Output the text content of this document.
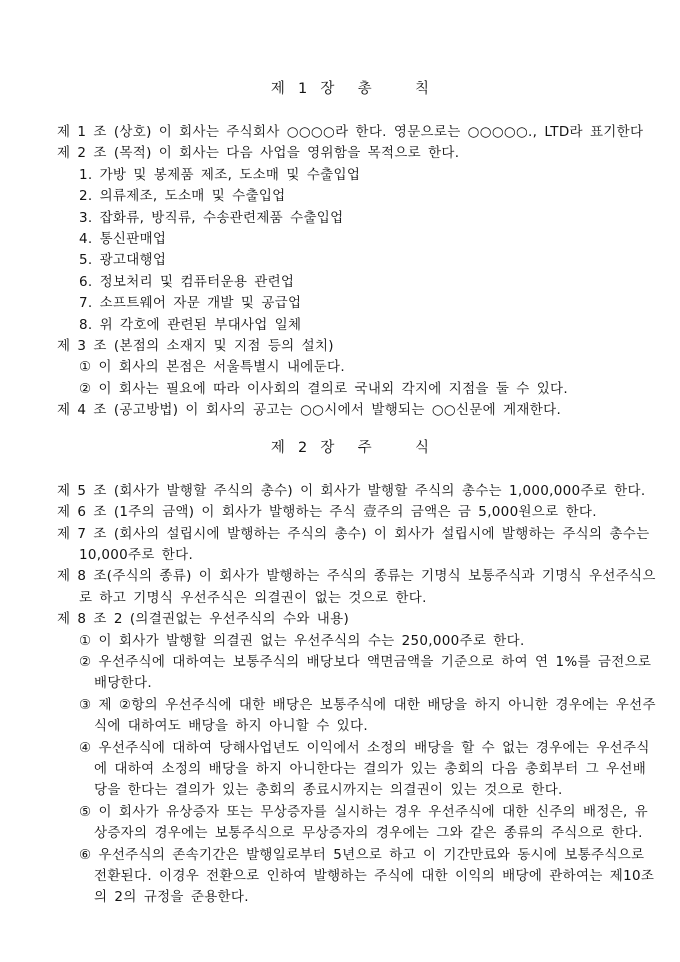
제 1 장  총    칙
제 1 조 (상호) 이 회사는 주식회사 ○○○○라 한다. 영문으로는 ○○○○○., LTD라 표기한다
제 2 조 (목적) 이 회사는 다음 사업을 영위함을 목적으로 한다.
1. 가방 및 봉제품 제조, 도소매 및 수출입업
2. 의류제조, 도소매 및 수출입업
3. 잡화류, 방직류, 수송관련제품 수출입업
4. 통신판매업
5. 광고대행업
6. 정보처리 및 컴퓨터운용 관련업
7. 소프트웨어 자문 개발 및 공급업
8. 위 각호에 관련된 부대사업 일체
제 3 조 (본점의 소재지 및 지점 등의 설치)
① 이 회사의 본점은 서울특별시 내에둔다.
② 이 회사는 필요에 따라 이사회의 결의로 국내외 각지에 지점을 둘 수 있다.
제 4 조 (공고방법) 이 회사의 공고는 ○○시에서 발행되는 ○○신문에 게재한다.
제 2 장  주    식
제 5 조 (회사가 발행할 주식의 총수) 이 회사가 발행할 주식의 총수는 1,000,000주로 한다.
제 6 조 (1주의 금액) 이 회사가 발행하는 주식 壹주의 금액은 금 5,000원으로 한다.
제 7 조 (회사의 설립시에 발행하는 주식의 총수) 이 회사가 설립시에 발행하는 주식의 총수는
10,000주로 한다.
제 8 조(주식의 종류) 이 회사가 발행하는 주식의 종류는 기명식 보통주식과 기명식 우선주식으
로 하고 기명식 우선주식은 의결권이 없는 것으로 한다.
제 8 조 2 (의결권없는 우선주식의 수와 내용)
① 이 회사가 발행할 의결권 없는 우선주식의 수는 250,000주로 한다.
② 우선주식에 대하여는 보통주식의 배당보다 액면금액을 기준으로 하여 연 1%를 금전으로
배당한다.
③ 제 ②항의 우선주식에 대한 배당은 보통주식에 대한 배당을 하지 아니한 경우에는 우선주
식에 대하여도 배당을 하지 아니할 수 있다.
④ 우선주식에 대하여 당해사업년도 이익에서 소정의 배당을 할 수 없는 경우에는 우선주식
에 대하여 소정의 배당을 하지 아니한다는 결의가 있는 총회의 다음 총회부터 그 우선배
당을 한다는 결의가 있는 총회의 종료시까지는 의결권이 있는 것으로 한다.
⑤ 이 회사가 유상증자 또는 무상증자를 실시하는 경우 우선주식에 대한 신주의 배정은, 유
상증자의 경우에는 보통주식으로 무상증자의 경우에는 그와 같은 종류의 주식으로 한다.
⑥ 우선주식의 존속기간은 발행일로부터 5년으로 하고 이 기간만료와 동시에 보통주식으로
전환된다. 이경우 전환으로 인하여 발행하는 주식에 대한 이익의 배당에 관하여는 제10조
의 2의 규정을 준용한다.
